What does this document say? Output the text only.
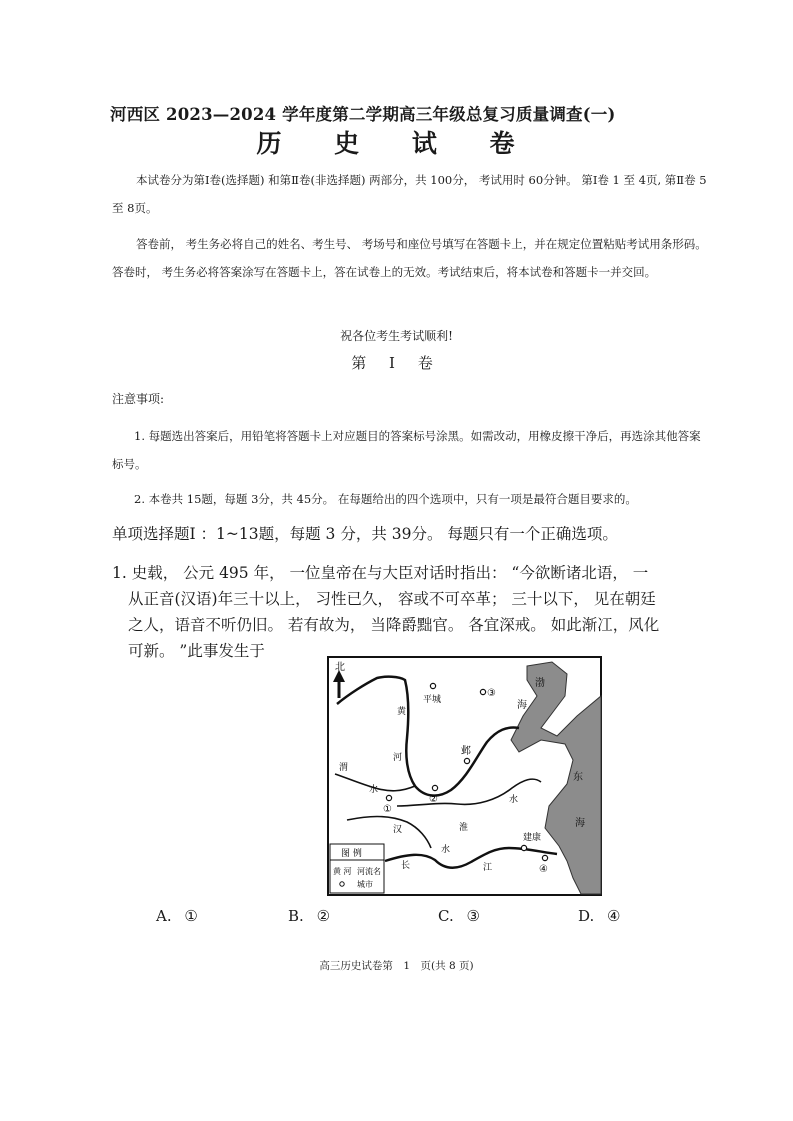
河西区 2023—2024 学年度第二学期高三年级总复习质量调查(一)
历 史 试 卷
本试卷分为第Ⅰ卷(选择题) 和第Ⅱ卷(非选择题) 两部分，共 100分， 考试用时 60分钟。 第Ⅰ卷 1 至 4页, 第Ⅱ卷 5至 8页。
答卷前， 考生务必将自己的姓名、考生号、 考场号和座位号填写在答题卡上，并在规定位置粘贴考试用条形码。 答卷时， 考生务必将答案涂写在答题卡上，答在试卷上的无效。考试结束后，将本试卷和答题卡一并交回。
祝各位考生考试顺利!
第 Ⅰ 卷
注意事项:
1. 每题选出答案后，用铅笔将答题卡上对应题目的答案标号涂黑。如需改动，用橡皮擦干净后，再选涂其他答案标号。
2. 本卷共 15题，每题 3分，共 45分。 在每题给出的四个选项中，只有一项是最符合题目要求的。
单项选择题Ⅰ ：1~13题，每题 3 分，共 39分。 每题只有一个正确选项。
1. 史载， 公元 495 年， 一位皇帝在与大臣对话时指出： “今欲断诸北语， 一
从正音(汉语)年三十以上， 习性已久， 容或不可卒革； 三十以下， 见在朝廷
之人，语音不听仍旧。 若有故为， 当降爵黜官。 各宜深戒。 如此渐冮，风化
可新。 ”此事发生于
北
平城
③
邺
①
②
建康
④
黄
河
渭
水
淮
水
汉
水
长	江
渤
海
东
海
图 例
黄 河 河流名
城市
A. ①	B. ②	C. ③	D. ④
高三历史试卷第　1　页(共 8 页)
